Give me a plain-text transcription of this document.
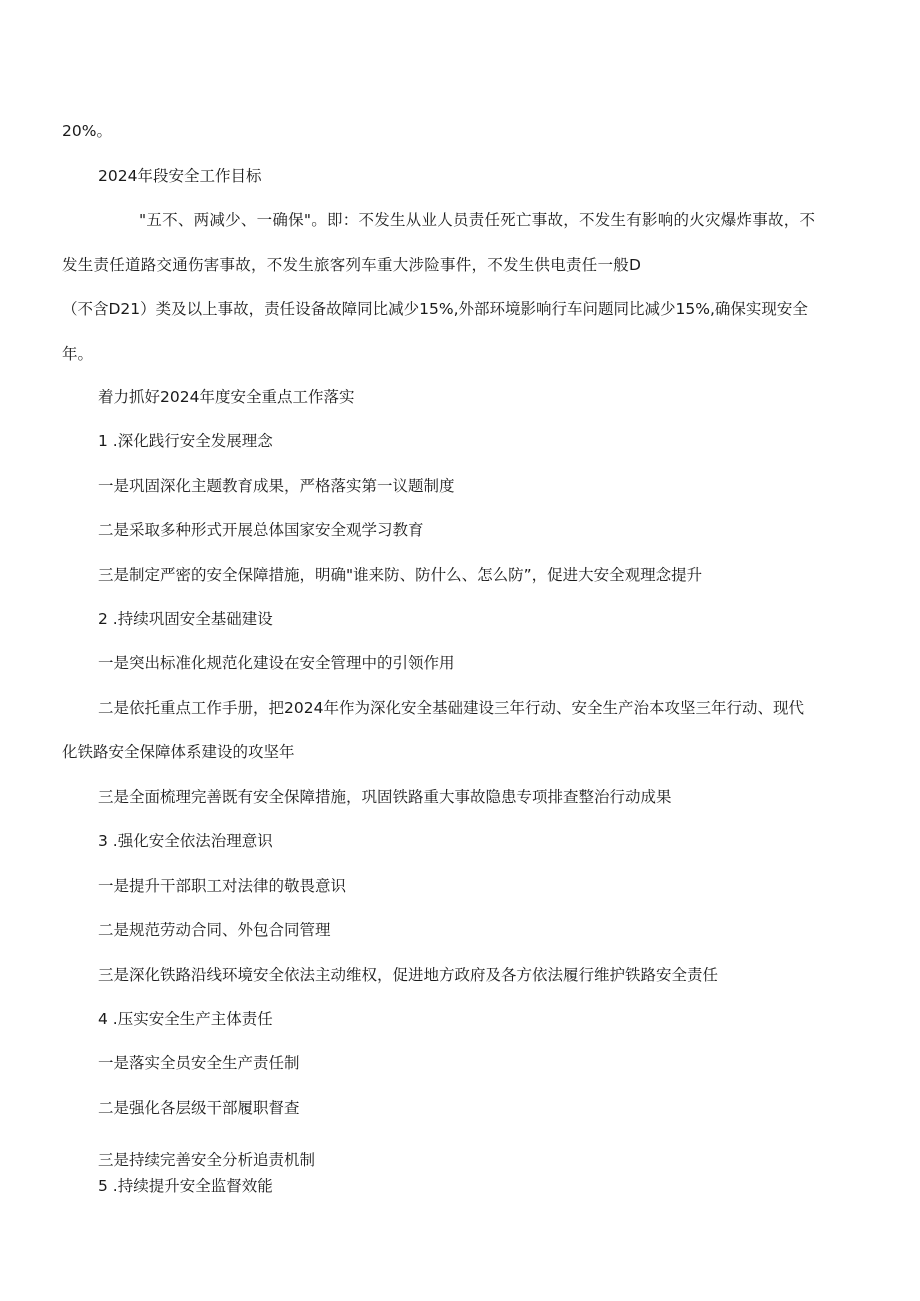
20%。

2024年段安全工作目标

"五不、两减少、一确保"。即：不发生从业人员责任死亡事故，不发生有影响的火灾爆炸事故，不

发生责任道路交通伤害事故，不发生旅客列车重大涉险事件，不发生供电责任一般D

（不含D21）类及以上事故，责任设备故障同比减少15%,外部环境影响行车问题同比减少15%,确保实现安全

年。

着力抓好2024年度安全重点工作落实

1 .深化践行安全发展理念

一是巩固深化主题教育成果，严格落实第一议题制度

二是采取多种形式开展总体国家安全观学习教育

三是制定严密的安全保障措施，明确"谁来防、防什么、怎么防”，促进大安全观理念提升

2 .持续巩固安全基础建设

一是突出标准化规范化建设在安全管理中的引领作用

二是依托重点工作手册，把2024年作为深化安全基础建设三年行动、安全生产治本攻坚三年行动、现代

化铁路安全保障体系建设的攻坚年

三是全面梳理完善既有安全保障措施，巩固铁路重大事故隐患专项排查整治行动成果

3 .强化安全依法治理意识

一是提升干部职工对法律的敬畏意识

二是规范劳动合同、外包合同管理

三是深化铁路沿线环境安全依法主动维权，促进地方政府及各方依法履行维护铁路安全责任

4 .压实安全生产主体责任

一是落实全员安全生产责任制

二是强化各层级干部履职督查

三是持续完善安全分析追责机制

5 .持续提升安全监督效能
